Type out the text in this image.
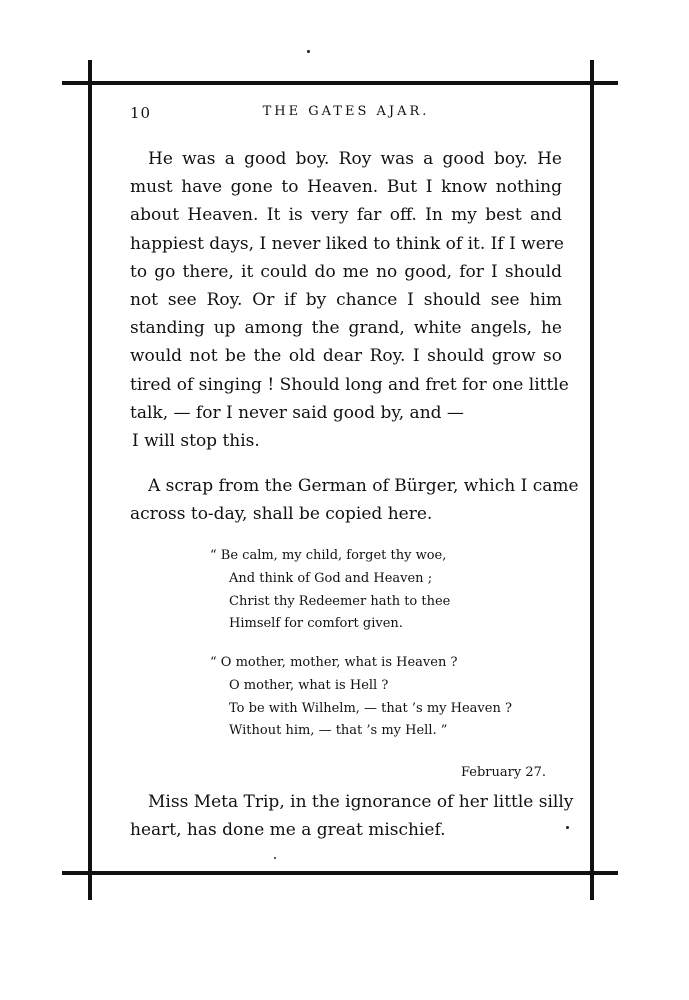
10	THE GATES AJAR.
He was a good boy. Roy was a good boy. He
must have gone to Heaven. But I know nothing
about Heaven. It is very far off. In my best and
happiest days, I never liked to think of it. If I were
to go there, it could do me no good, for I should
not see Roy. Or if by chance I should see him
standing up among the grand, white angels, he
would not be the old dear Roy. I should grow so
tired of singing ! Should long and fret for one little
talk, — for I never said good by, and —
I will stop this.
A scrap from the German of Bürger, which I came
across to-day, shall be copied here.
“ Be calm, my child, forget thy woe,
And think of God and Heaven ;
Christ thy Redeemer hath to thee
Himself for comfort given.
“ O mother, mother, what is Heaven ?
O mother, what is Hell ?
To be with Wilhelm, — that ’s my Heaven ?
Without him, — that ’s my Hell. ”
February 27.
Miss Meta Trip, in the ignorance of her little silly
heart, has done me a great mischief.
